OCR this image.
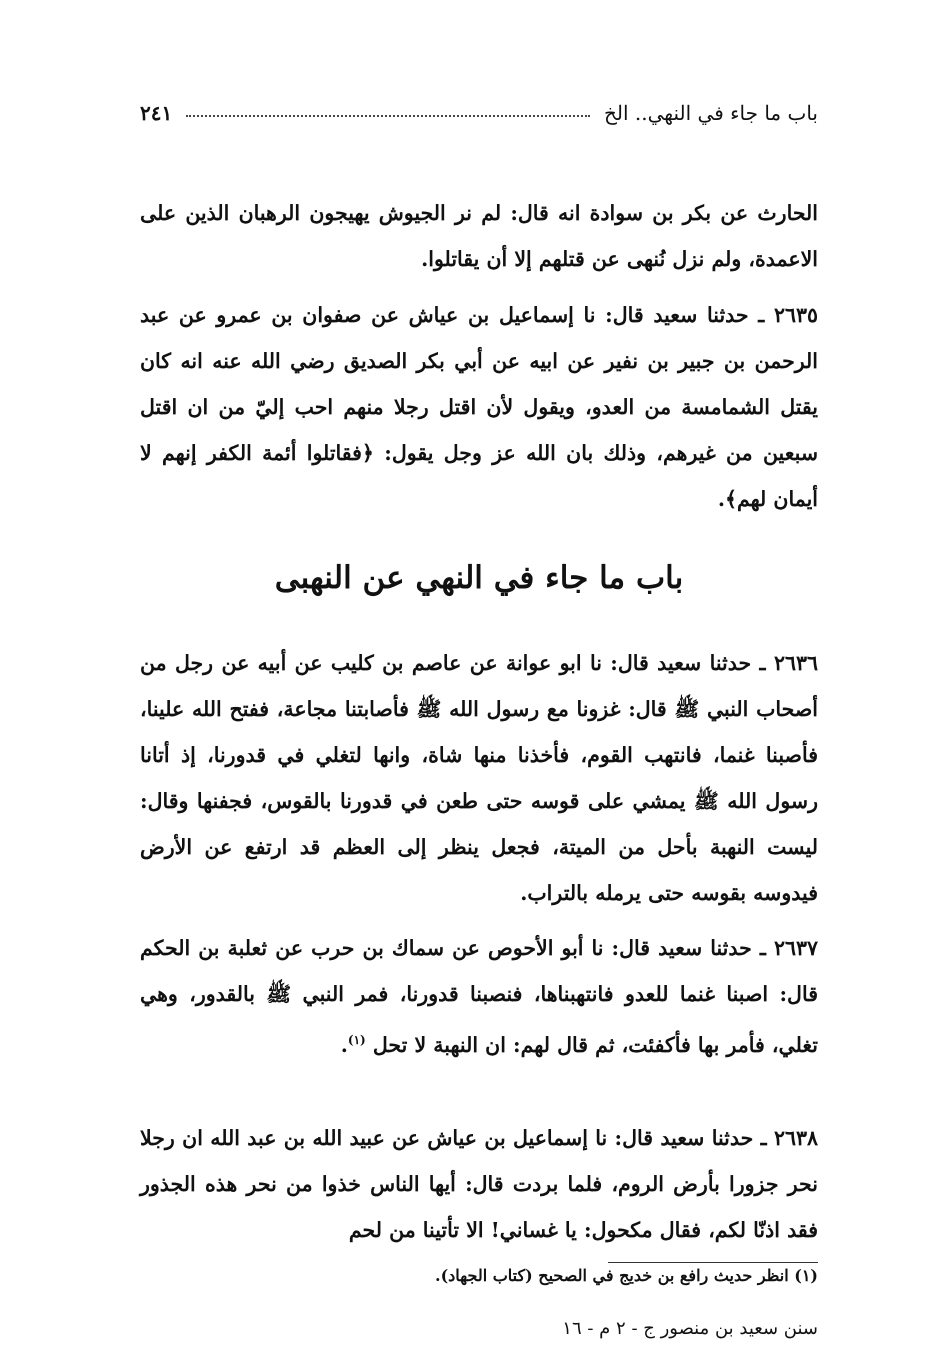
باب ما جاء في النهي.. الخ
٢٤١

الحارث عن بكر بن سوادة انه قال: لم نر الجيوش يهيجون الرهبان الذين على الاعمدة، ولم نزل نُنهى عن قتلهم إلا أن يقاتلوا.

٢٦٣٥ ـ حدثنا سعيد قال: نا إسماعيل بن عياش عن صفوان بن عمرو عن عبد الرحمن بن جبير بن نفير عن ابيه عن أبي بكر الصديق رضي الله عنه انه كان يقتل الشمامسة من العدو، ويقول لأن اقتل رجلا منهم احب إليّ من ان اقتل سبعين من غيرهم، وذلك بان الله عز وجل يقول: ﴿فقاتلوا أئمة الكفر إنهم لا أيمان لهم﴾.

باب ما جاء في النهي عن النهبى

٢٦٣٦ ـ حدثنا سعيد قال: نا ابو عوانة عن عاصم بن كليب عن أبيه عن رجل من أصحاب النبي ﷺ قال: غزونا مع رسول الله ﷺ فأصابتنا مجاعة، ففتح الله علينا، فأصبنا غنما، فانتهب القوم، فأخذنا منها شاة، وانها لتغلي في قدورنا، إذ أتانا رسول الله ﷺ يمشي على قوسه حتى طعن في قدورنا بالقوس، فجفنها وقال: ليست النهبة بأحل من الميتة، فجعل ينظر إلى العظم قد ارتفع عن الأرض فيدوسه بقوسه حتى يرمله بالتراب.

٢٦٣٧ ـ حدثنا سعيد قال: نا أبو الأحوص عن سماك بن حرب عن ثعلبة بن الحكم قال: اصبنا غنما للعدو فانتهبناها، فنصبنا قدورنا، فمر النبي ﷺ بالقدور، وهي تغلي، فأمر بها فأكفئت، ثم قال لهم: ان النهبة لا تحل $^{(١)}$.

٢٦٣٨ ـ حدثنا سعيد قال: نا إسماعيل بن عياش عن عبيد الله بن عبد الله ان رجلا نحر جزورا بأرض الروم، فلما بردت قال: أيها الناس خذوا من نحر هذه الجذور فقد اذنّا لكم، فقال مكحول: يا غساني! الا تأتينا من لحم

(١) انظر حديث رافع بن خديج في الصحيح (كتاب الجهاد).

سنن سعيد بن منصور ج - ٢ م - ١٦
